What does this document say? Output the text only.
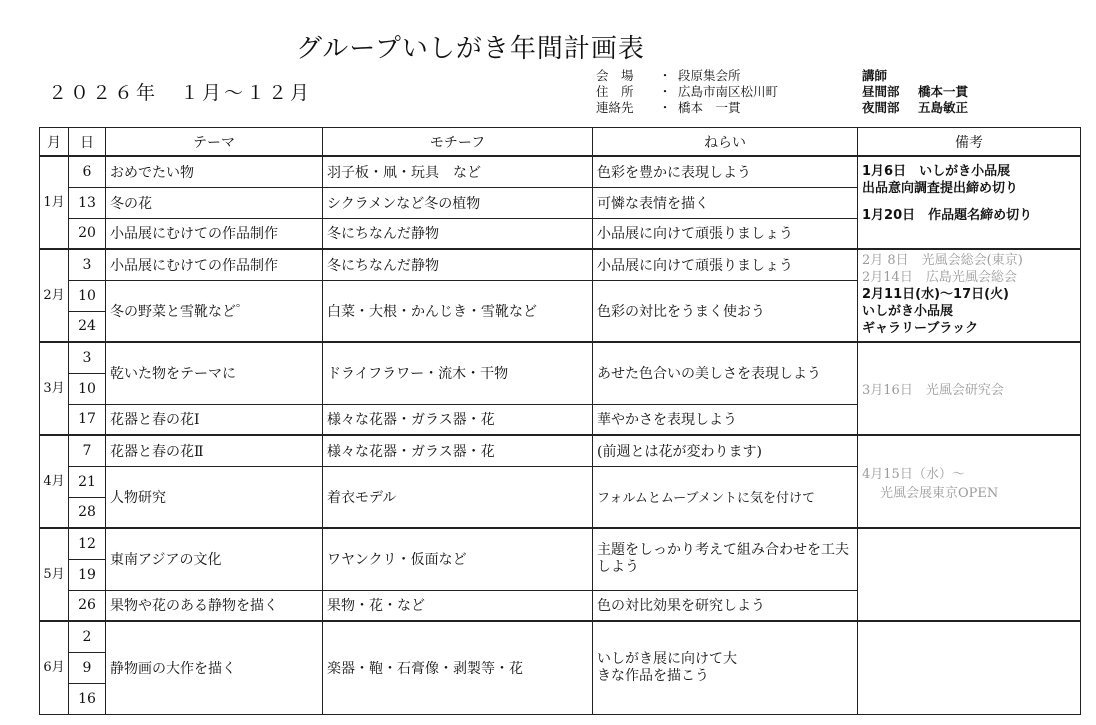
グループいしがき年間計画表
２０２６年　１月～１２月
会　場	・ 段原集会所
住　所	・ 広島市南区松川町
連絡先	・ 橋本　一貫
講師
昼間部	橋本一貫
夜間部	五島敏正
月	日	テーマ	モチーフ	ねらい	備考
1月	6	おめでたい物	羽子板・凧・玩具　など	色彩を豊かに表現しよう	1月6日　いしがき小品展
出品意向調査提出締め切り
1月20日　作品題名締め切り

	13	冬の花	シクラメンなど冬の植物	可憐な表情を描く	
	20	小品展にむけての作品制作	冬にちなんだ静物	小品展に向けて頑張りましょう	
2月	3	小品展にむけての作品制作	冬にちなんだ静物	小品展に向けて頑張りましょう	2月 8日　光風会総会(東京)
2月14日　広島光風会総会
2月11日(水)～17日(火)
いしがき小品展
ギャラリーブラック

	10	冬の野菜と雪靴など゜	白菜・大根・かんじき・雪靴など	色彩の対比をうまく使おう	
	24				
3月	3	乾いた物をテーマに	ドライフラワー・流木・干物	あせた色合いの美しさを表現しよう	3月16日　光風会研究会

	10				
	17	花器と春の花Ⅰ	様々な花器・ガラス器・花	華やかさを表現しよう	
4月	7	花器と春の花Ⅱ	様々な花器・ガラス器・花	(前週とは花が変わります)	4月15日（水）～
光風会展東京OPEN

	21	人物研究	着衣モデル	フォルムとムーブメントに気を付けて	
	28				
5月	12	東南アジアの文化	ワヤンクリ・仮面など	主題をしっかり考えて組み合わせを工夫しよう	
	19				
	26	果物や花のある静物を描く	果物・花・など	色の対比効果を研究しよう	
6月	2	静物画の大作を描く	楽器・鞄・石膏像・剥製等・花	いしがき展に向けて大きな作品を描こう	

	9				
	16				
